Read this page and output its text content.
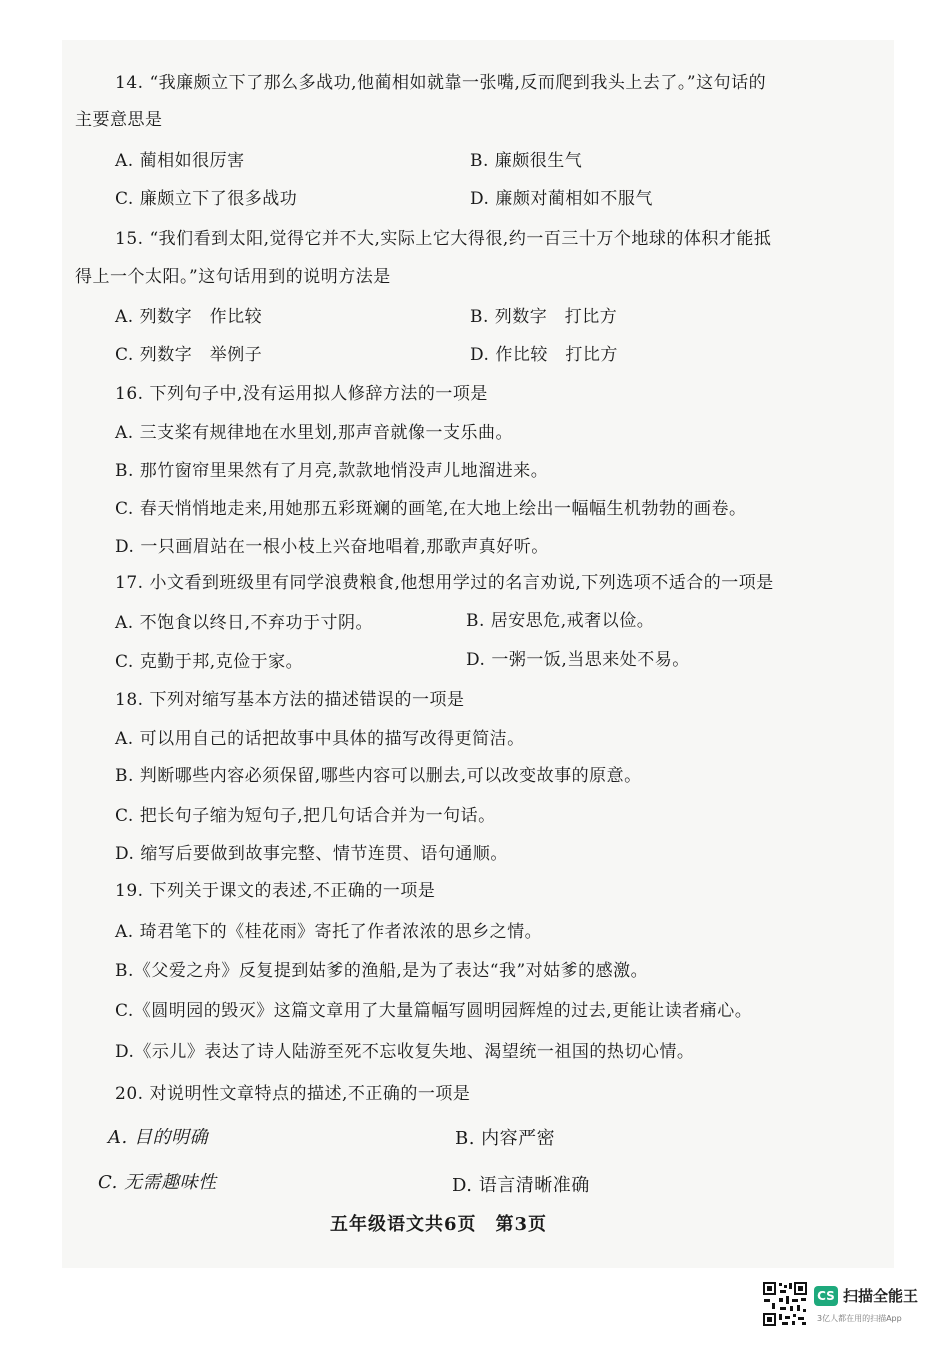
14. “我廉颇立下了那么多战功,他蔺相如就靠一张嘴,反而爬到我头上去了。”这句话的
主要意思是
A. 蔺相如很厉害	B. 廉颇很生气
C. 廉颇立下了很多战功	D. 廉颇对蔺相如不服气
15. “我们看到太阳,觉得它并不大,实际上它大得很,约一百三十万个地球的体积才能抵
得上一个太阳。”这句话用到的说明方法是
A. 列数字　作比较	B. 列数字　打比方
C. 列数字　举例子	D. 作比较　打比方
16. 下列句子中,没有运用拟人修辞方法的一项是
A. 三支桨有规律地在水里划,那声音就像一支乐曲。
B. 那竹窗帘里果然有了月亮,款款地悄没声儿地溜进来。
C. 春天悄悄地走来,用她那五彩斑斓的画笔,在大地上绘出一幅幅生机勃勃的画卷。
D. 一只画眉站在一根小枝上兴奋地唱着,那歌声真好听。
17. 小文看到班级里有同学浪费粮食,他想用学过的名言劝说,下列选项不适合的一项是
A. 不饱食以终日,不弃功于寸阴。	B. 居安思危,戒奢以俭。
C. 克勤于邦,克俭于家。	D. 一粥一饭,当思来处不易。
18. 下列对缩写基本方法的描述错误的一项是
A. 可以用自己的话把故事中具体的描写改得更简洁。
B. 判断哪些内容必须保留,哪些内容可以删去,可以改变故事的原意。
C. 把长句子缩为短句子,把几句话合并为一句话。
D. 缩写后要做到故事完整、情节连贯、语句通顺。
19. 下列关于课文的表述,不正确的一项是
A. 琦君笔下的《桂花雨》寄托了作者浓浓的思乡之情。
B.《父爱之舟》反复提到姑爹的渔船,是为了表达“我”对姑爹的感激。
C.《圆明园的毁灭》这篇文章用了大量篇幅写圆明园辉煌的过去,更能让读者痛心。
D.《示儿》表达了诗人陆游至死不忘收复失地、渴望统一祖国的热切心情。
20. 对说明性文章特点的描述,不正确的一项是
A. 目的明确	B. 内容严密
C. 无需趣味性	D. 语言清晰准确
五年级语文共6页　第3页
CS 扫描全能王
3亿人都在用的扫描App
